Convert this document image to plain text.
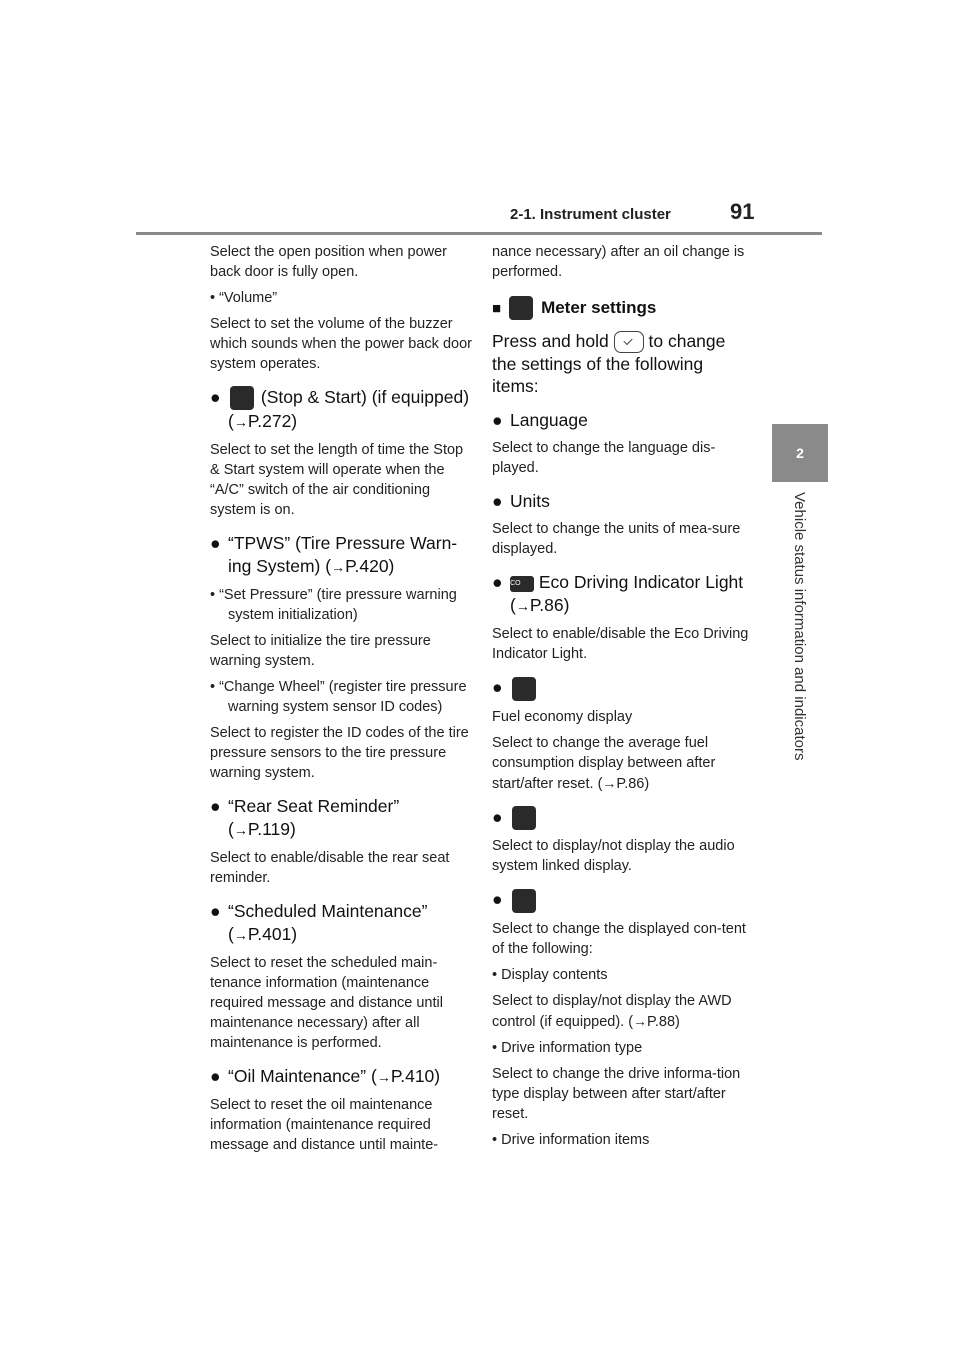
2-1. Instrument cluster	91
2
Vehicle status information and indicators

Select the open position when power back door is fully open.

• “Volume”

Select to set the volume of the buzzer which sounds when the power back door system operates.

● (Stop & Start) (if equipped) (→P.272)

Select to set the length of time the Stop & Start system will operate when the “A/C” switch of the air conditioning system is on.

● “TPWS” (Tire Pressure Warn-ing System) (→P.420)

• “Set Pressure” (tire pressure warning system initialization)

Select to initialize the tire pressure warning system.

• “Change Wheel” (register tire pressure warning system sensor ID codes)

Select to register the ID codes of the tire pressure sensors to the tire pressure warning system.

● “Rear Seat Reminder”
(→P.119)

Select to enable/disable the rear seat reminder.

● “Scheduled Maintenance”
(→P.401)

Select to reset the scheduled main-tenance information (maintenance required message and distance until maintenance necessary) after all maintenance is performed.

● “Oil Maintenance” (→P.410)

Select to reset the oil maintenance information (maintenance required message and distance until mainte-

nance necessary) after an oil change is performed.

■ Meter settings

Press and hold to change the settings of the following items:

● Language

Select to change the language dis-played.

● Units

Select to change the units of mea-sure displayed.

● ECO Eco Driving Indicator Light
(→P.86)

Select to enable/disable the Eco Driving Indicator Light.

●

Fuel economy display

Select to change the average fuel consumption display between after start/after reset. (→P.86)

●

Select to display/not display the audio system linked display.

●

Select to change the displayed con-tent of the following:

• Display contents

Select to display/not display the AWD control (if equipped). (→P.88)

• Drive information type

Select to change the drive informa-tion type display between after start/after reset.

• Drive information items
